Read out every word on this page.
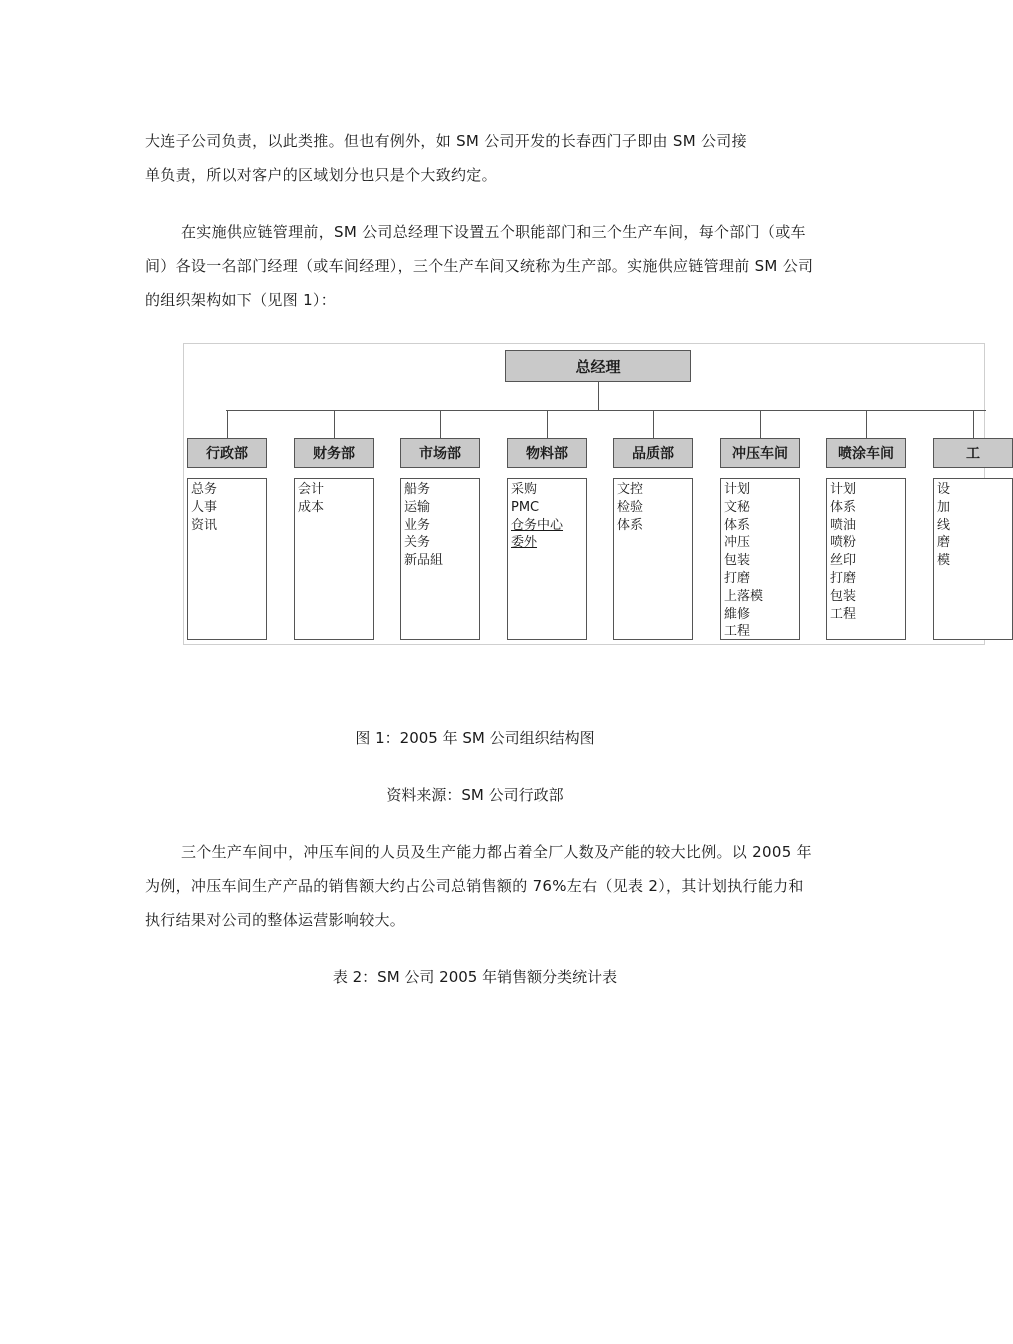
大连子公司负责，以此类推。但也有例外，如 SM 公司开发的长春西门子即由 SM 公司接

单负责，所以对客户的区域划分也只是个大致约定。

在实施供应链管理前，SM 公司总经理下设置五个职能部门和三个生产车间，每个部门（或车间）各设一名部门经理（或车间经理），三个生产车间又统称为生产部。实施供应链管理前 SM 公司的组织架构如下（见图 1）：

总经理
行政部
总务
人事
资讯
财务部
会计
成本
市场部
船务
运输
业务
关务
新品組
物料部
采购
PMC
仓务中心
委外
品质部
文控
检验
体系
冲压车间
计划
文秘
体系
冲压
包装
打磨
上落模
維修
工程
喷涂车间
计划
体系
喷油
喷粉
丝印
打磨
包装
工程
工
设
加
线
磨
模

图 1：2005 年 SM 公司组织结构图

资料来源：SM 公司行政部

三个生产车间中，冲压车间的人员及生产能力都占着全厂人数及产能的较大比例。以 2005 年为例，冲压车间生产产品的销售额大约占公司总销售额的 76%左右（见表 2），其计划执行能力和执行结果对公司的整体运营影响较大。

表 2：SM 公司 2005 年销售额分类统计表
